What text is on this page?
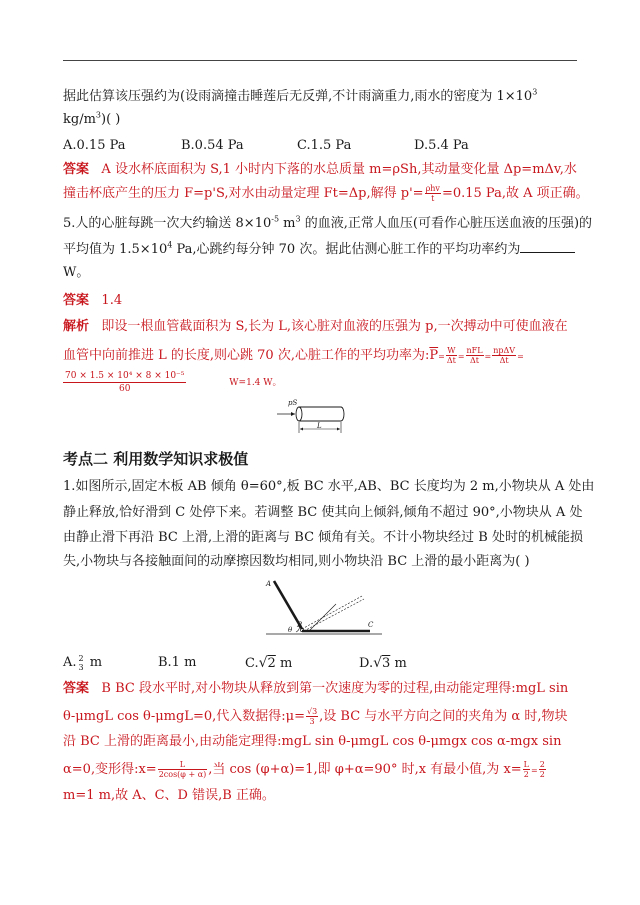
据此估算该压强约为(设雨滴撞击睡莲后无反弹,不计雨滴重力,雨水的密度为 $1\times 10^3$
$kg/m^3$)( )
A.0.15 Pa	B.0.54 Pa	C.1.5 Pa	D.5.4 Pa
答案 A 设水杯底面积为 S,1 小时内下落的水总质量 m=ρSh,其动量变化量 Δp=mΔv,水
撞击杯底产生的压力 F=p'S,对水由动量定理 Ft=Δp,解得 $p'= \frac{\text{ρhv}}{t} =0.15$ Pa,故 A 项正确。
5.人的心脏每跳一次大约输送 $8\times 10^{-5}$ $m^3$ 的血液,正常人血压(可看作心脏压送血液的压强)的
平均值为 $1.5\times 10^4$ Pa,心跳约每分钟 70 次。据此估测心脏工作的平均功率约为
W。
答案 1.4
解析 即设一根血管截面积为 S,长为 L,该心脏对血液的压强为 p,一次搏动中可使血液在
血管中向前推进 L 的长度,则心跳 70 次,心脏工作的平均功率为$:\overline{P}= \frac{W}{\Delta t} = \frac{\text{nFL}}{\Delta t} = \frac{\text{npΔV}}{\Delta t}$ =
$\frac{\text{70 × 1.5 × 10⁴ × 8 × 10⁻⁵}}{60}$	W=1.4 W。
pS
L
考点二 利用数学知识求极值
1.如图所示,固定木板 AB 倾角 θ=60°,板 BC 水平,AB、BC 长度均为 2 m,小物块从 A 处由
静止释放,恰好滑到 C 处停下来。若调整 BC 使其向上倾斜,倾角不超过 90°,小物块从 A 处
由静止滑下再沿 BC 上滑,上滑的距离与 BC 倾角有关。不计小物块经过 B 处时的机械能损
失,小物块与各接触面间的动摩擦因数均相同,则小物块沿 BC 上滑的最小距离为( )
A
B	C
θ
A. 2
3 m	B.1 m	C.√2 m	D.√3 m
答案 B BC 段水平时,对小物块从释放到第一次速度为零的过程,由动能定理得:mgL sin
θ-μmgL cos θ-μmgL=0,代入数据得:μ= $\frac{√3}{3}$ ,设 BC 与水平方向之间的夹角为 α 时,物块
沿 BC 上滑的距离最小,由动能定理得:mgL sin θ-μmgL cos θ-μmgx cos α-mgx sin
α=0,变形得:x= $\frac{L}{2\cos(\varphi + \alpha)}$ ,当 cos (φ+α)=1,即 φ+α=90° 时,x 有最小值,为 $x= \frac{L}{2} = \frac{2}{2}$
m=1 m,故 A、C、D 错误,B 正确。
